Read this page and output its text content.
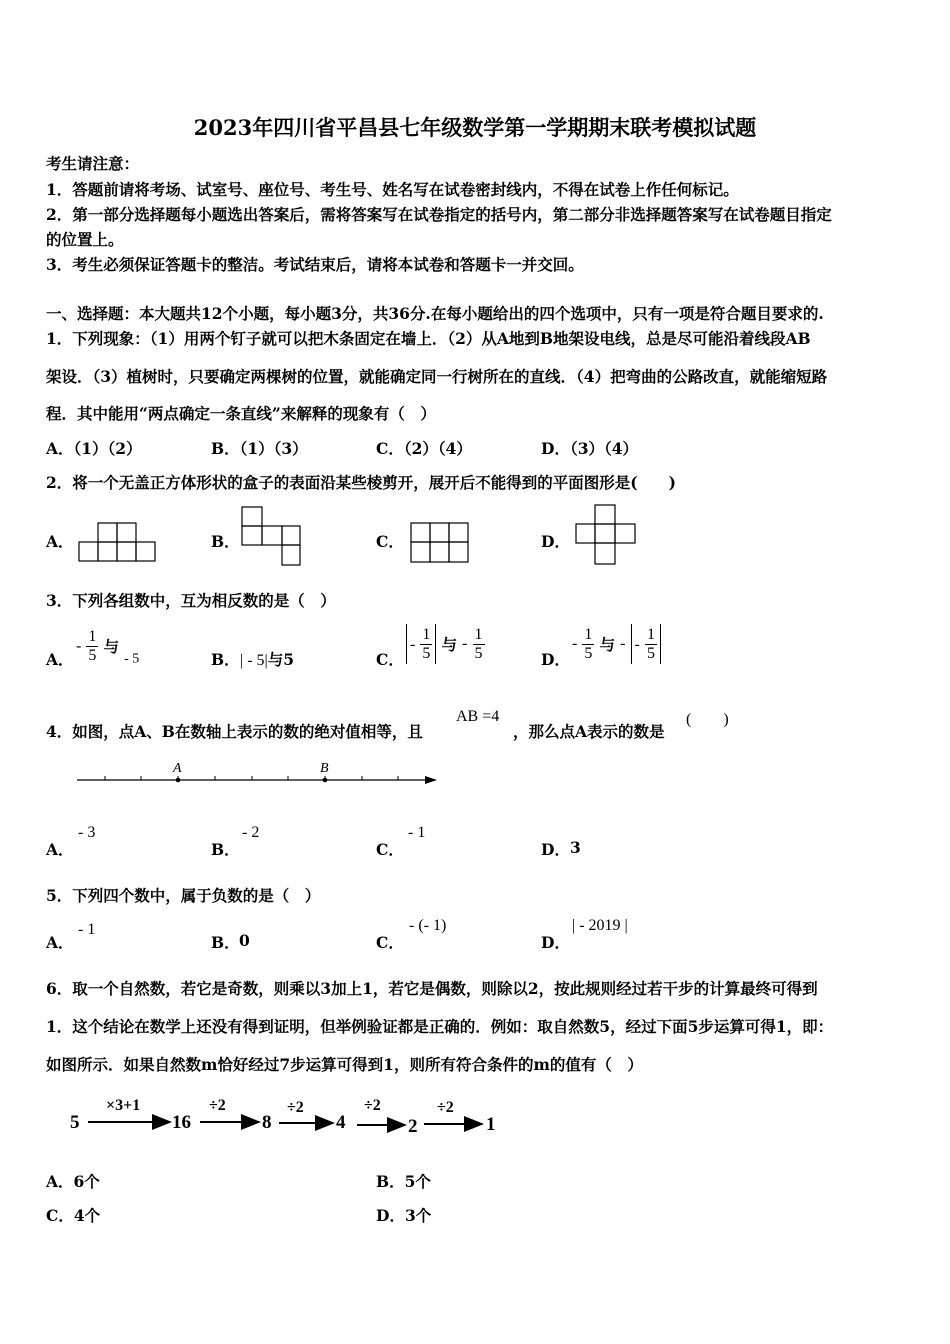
2023年四川省平昌县七年级数学第一学期期末联考模拟试题
考生请注意：
1．答题前请将考场、试室号、座位号、考生号、姓名写在试卷密封线内，不得在试卷上作任何标记。
2．第一部分选择题每小题选出答案后，需将答案写在试卷指定的括号内，第二部分非选择题答案写在试卷题目指定
的位置上。
3．考生必须保证答题卡的整洁。考试结束后，请将本试卷和答题卡一并交回。
一、选择题：本大题共12个小题，每小题3分，共36分.在每小题给出的四个选项中，只有一项是符合题目要求的.
1．下列现象：（1）用两个钉子就可以把木条固定在墙上．（2）从A地到B地架设电线，总是尽可能沿着线段AB
架设．（3）植树时，只要确定两棵树的位置，就能确定同一行树所在的直线．（4）把弯曲的公路改直，就能缩短路
程．其中能用“两点确定一条直线”来解释的现象有（　）
A．（1）（2）	B．（1）（3）	C．（2）（4）	D．（3）（4）
2．将一个无盖正方体形状的盒子的表面沿某些棱剪开，展开后不能得到的平面图形是(　　)
A．	B．	C．	D．
3．下列各组数中，互为相反数的是（　）
A．
- $\frac{1}{5}$ 与 - 5	B． | - 5|与5	C．
- $\frac{1}{5}$ 与 - $\frac{1}{5}$	D．
- $\frac{1}{5}$ 与 - - $\frac{1}{5}$
4．如图，点A、B在数轴上表示的数的绝对值相等，且
AB =4
，那么点A表示的数是
(　　)
A	B
A．
- 3
B．
- 2
C．
- 1
D． 3
5．下列四个数中，属于负数的是（　）
A．
- 1
B． 0	C．
- (- 1)
D．
| - 2019 |
6．取一个自然数，若它是奇数，则乘以3加上1，若它是偶数，则除以2，按此规则经过若干步的计算最终可得到
1．这个结论在数学上还没有得到证明，但举例验证都是正确的．例如：取自然数5，经过下面5步运算可得1，即：
如图所示．如果自然数m恰好经过7步运算可得到1，则所有符合条件的m的值有（　）
5	16	8	4	2	1
×3+1	÷2	÷2	÷2	÷2
A．6个	B．5个
C．4个	D．3个
